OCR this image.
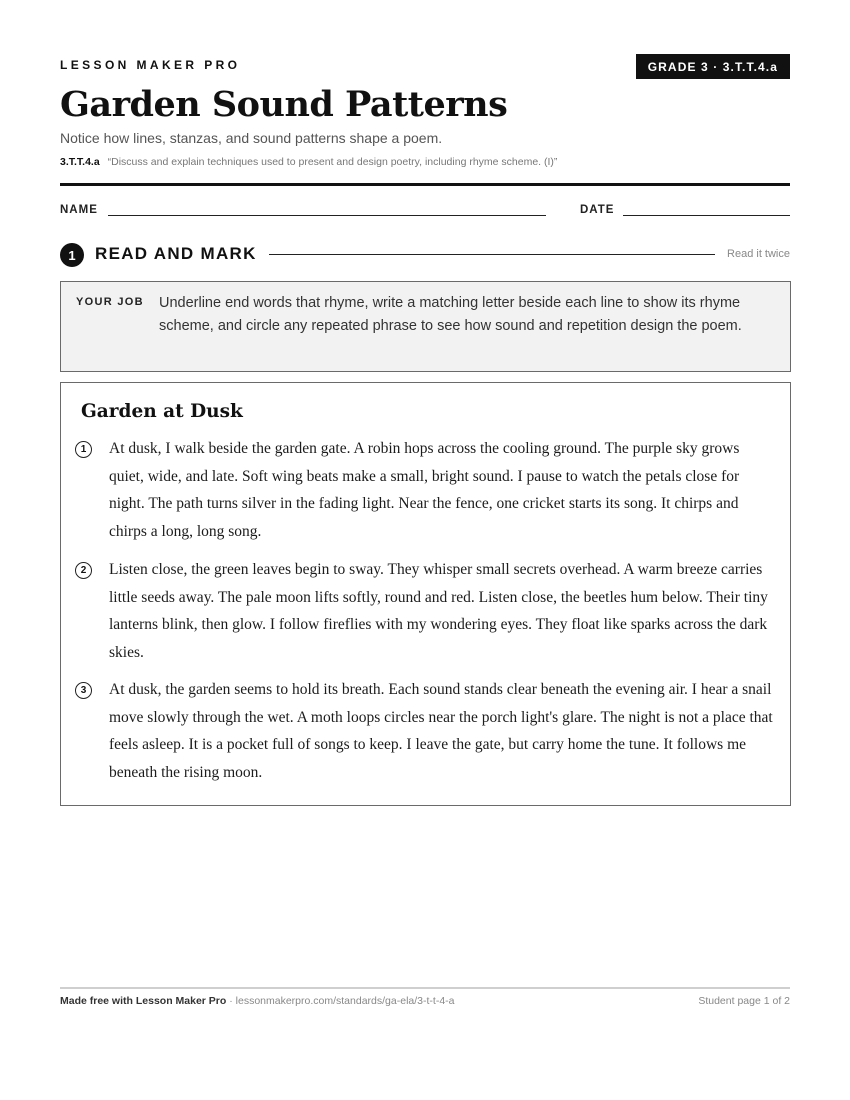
LESSON MAKER PRO	GRADE 3 · 3.T.T.4.a
Garden Sound Patterns
Notice how lines, stanzas, and sound patterns shape a poem.
3.T.T.4.a “Discuss and explain techniques used to present and design poetry, including rhyme scheme. (I)”
NAME	DATE
1	READ AND MARK	Read it twice
YOUR JOB Underline end words that rhyme, write a matching letter beside each line to show its rhyme scheme, and circle any repeated phrase to see how sound and repetition design the poem.
Garden at Dusk
1	At dusk, I walk beside the garden gate. A robin hops across the cooling ground. The purple sky grows quiet, wide, and late. Soft wing beats make a small, bright sound. I pause to watch the petals close for night. The path turns silver in the fading light. Near the fence, one cricket starts its song. It chirps and chirps a long, long song.
2	Listen close, the green leaves begin to sway. They whisper small secrets overhead. A warm breeze carries little seeds away. The pale moon lifts softly, round and red. Listen close, the beetles hum below. Their tiny lanterns blink, then glow. I follow fireflies with my wondering eyes. They float like sparks across the dark skies.
3	At dusk, the garden seems to hold its breath. Each sound stands clear beneath the evening air. I hear a snail move slowly through the wet. A moth loops circles near the porch light's glare. The night is not a place that feels asleep. It is a pocket full of songs to keep. I leave the gate, but carry home the tune. It follows me beneath the rising moon.
Made free with Lesson Maker Pro · lessonmakerpro.com/standards/ga-ela/3-t-t-4-a	Student page 1 of 2
